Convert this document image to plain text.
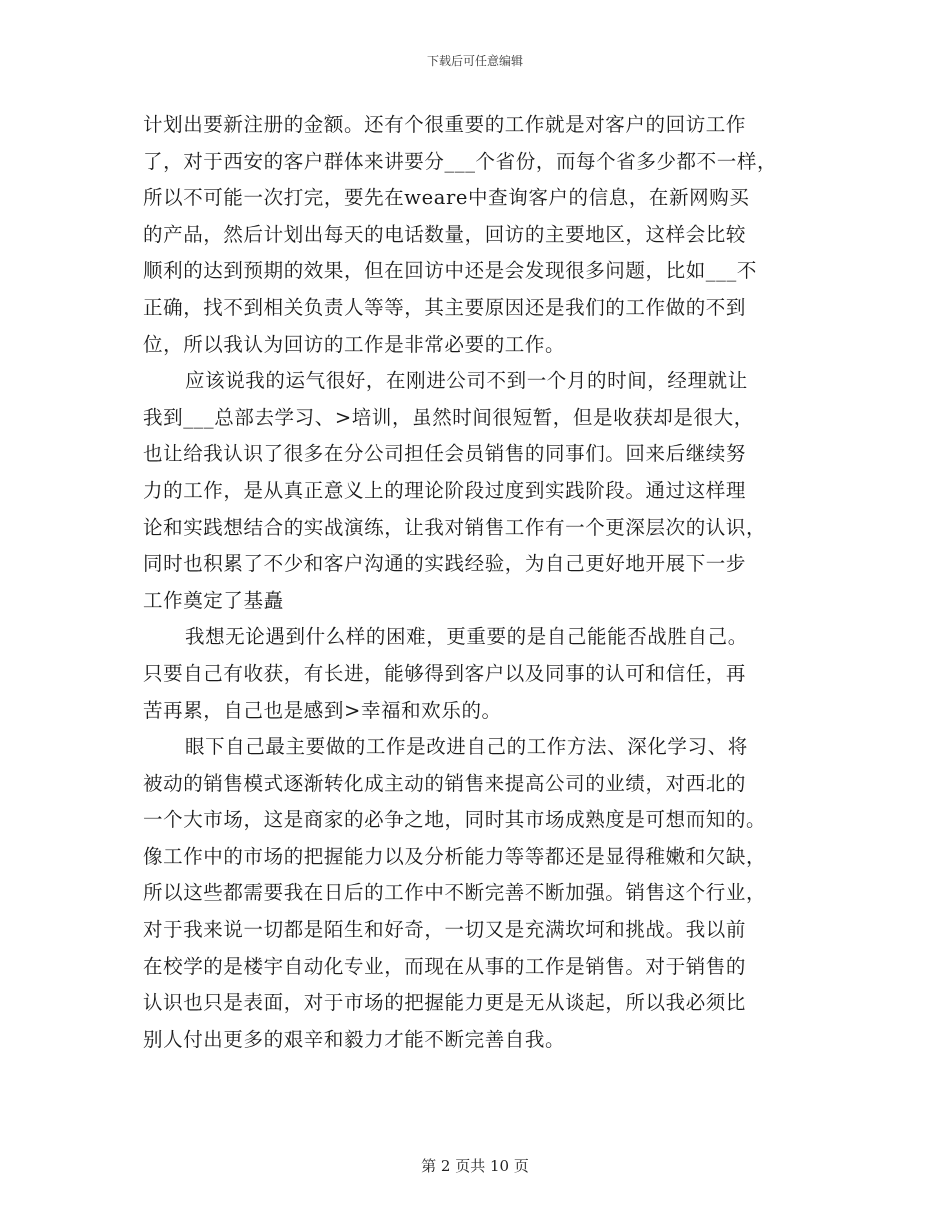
下载后可任意编辑
计划出要新注册的金额。还有个很重要的工作就是对客户的回访工作
了，对于西安的客户群体来讲要分___个省份，而每个省多少都不一样，
所以不可能一次打完，要先在weare中查询客户的信息，在新网购买
的产品，然后计划出每天的电话数量，回访的主要地区，这样会比较
顺利的达到预期的效果，但在回访中还是会发现很多问题，比如___不
正确，找不到相关负责人等等，其主要原因还是我们的工作做的不到
位，所以我认为回访的工作是非常必要的工作。
应该说我的运气很好，在刚进公司不到一个月的时间，经理就让
我到___总部去学习、>培训，虽然时间很短暂，但是收获却是很大，
也让给我认识了很多在分公司担任会员销售的同事们。回来后继续努
力的工作，是从真正意义上的理论阶段过度到实践阶段。通过这样理
论和实践想结合的实战演练，让我对销售工作有一个更深层次的认识，
同时也积累了不少和客户沟通的实践经验，为自己更好地开展下一步
工作奠定了基矗
我想无论遇到什么样的困难，更重要的是自己能能否战胜自己。
只要自己有收获，有长进，能够得到客户以及同事的认可和信任，再
苦再累，自己也是感到>幸福和欢乐的。
眼下自己最主要做的工作是改进自己的工作方法、深化学习、将
被动的销售模式逐渐转化成主动的销售来提高公司的业绩，对西北的
一个大市场，这是商家的必争之地，同时其市场成熟度是可想而知的。
像工作中的市场的把握能力以及分析能力等等都还是显得稚嫩和欠缺，
所以这些都需要我在日后的工作中不断完善不断加强。销售这个行业，
对于我来说一切都是陌生和好奇，一切又是充满坎坷和挑战。我以前
在校学的是楼宇自动化专业，而现在从事的工作是销售。对于销售的
认识也只是表面，对于市场的把握能力更是无从谈起，所以我必须比
别人付出更多的艰辛和毅力才能不断完善自我。
第 2 页共 10 页
